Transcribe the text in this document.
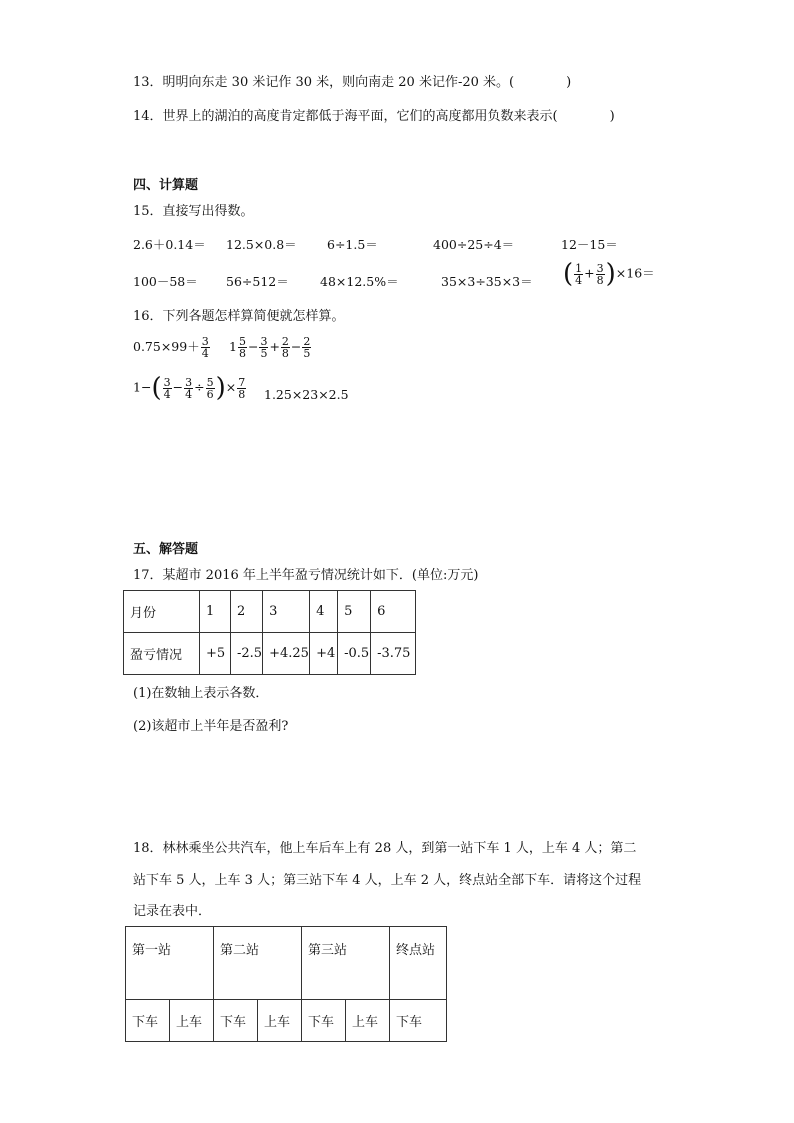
13．明明向东走 30 米记作 30 米，则向南走 20 米记作-20 米。(　　　　)
14．世界上的湖泊的高度肯定都低于海平面，它们的高度都用负数来表示(　　　　)
四、计算题
15．直接写出得数。
2.6＋0.14＝ 12.5×0.8＝ 6÷1.5＝	400÷25÷4＝	12－15＝
100－58＝ 56÷512＝	48×12.5%＝	35×3÷35×3＝ ( $\frac{1}{4} + \frac{3}{8} )\times 16=$
16．下列各题怎样算简便就怎样算。
$0.75\times 99+ \frac{3}{4} 1 \frac{5}{8} - \frac{3}{5} + \frac{2}{8} - \frac{2}{5}$
$1-( \frac{3}{4} - \frac{3}{4} \div \frac{5}{6}$ )× $\frac{7}{8} 1.25\times 23\times 2.5$
五、解答题
17．某超市 2016 年上半年盈亏情况统计如下．(单位:万元)
月份	1	2	3	4	5	6
盈亏情况	+5	-2.5	+4.25	+4	-0.5	-3.75
(1)在数轴上表示各数．
(2)该超市上半年是否盈利?
18．林林乘坐公共汽车，他上车后车上有 28 人，到第一站下车 1 人，上车 4 人；第二
站下车 5 人，上车 3 人；第三站下车 4 人，上车 2 人，终点站全部下车．请将这个过程
记录在表中．
第一站		第二站		第三站		终点站
下车	上车	下车	上车	下车	上车	下车
